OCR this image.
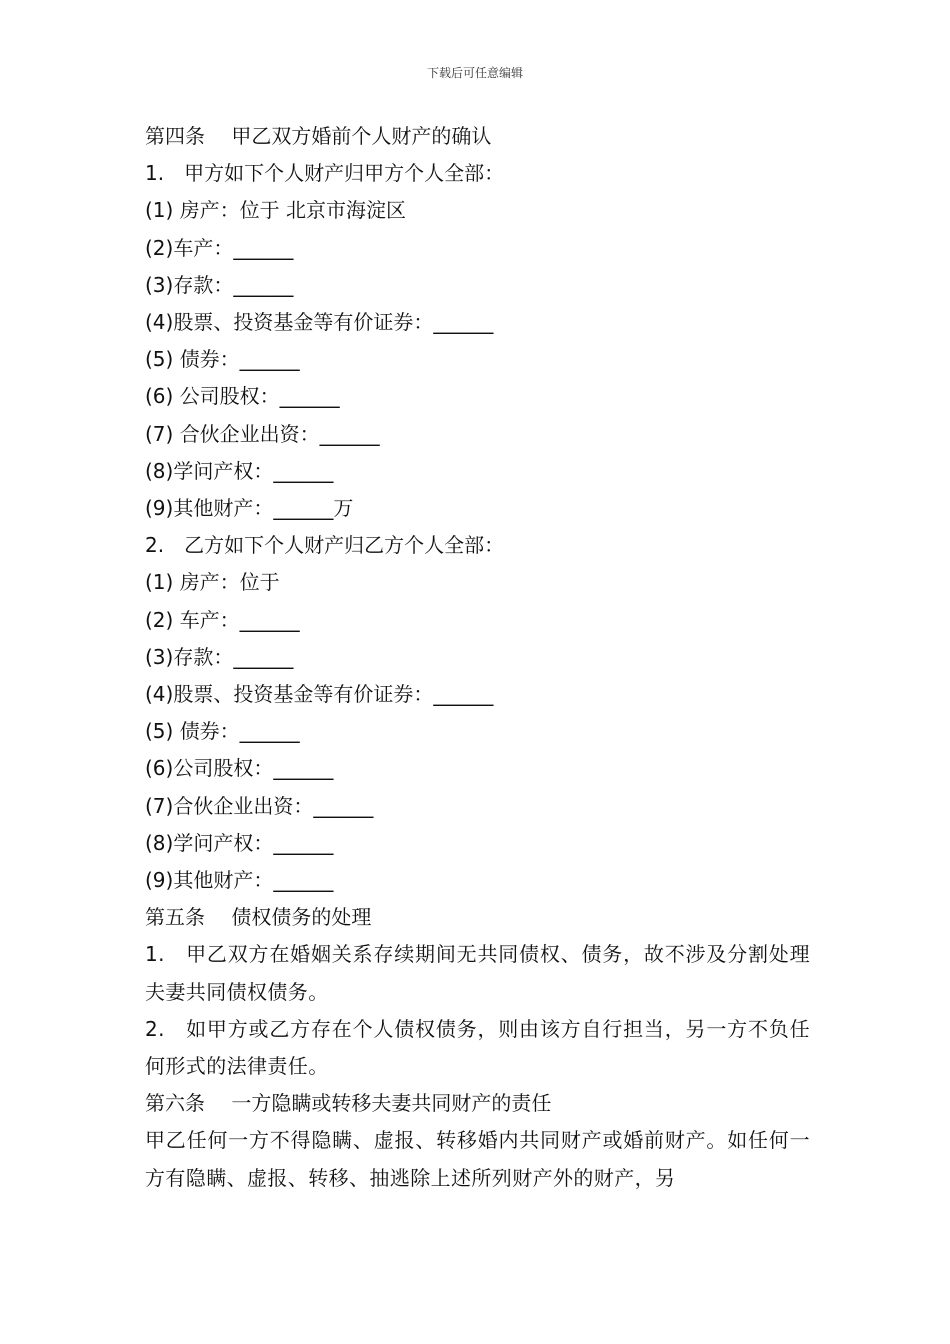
下载后可任意编辑
第四条　 甲乙双方婚前个人财产的确认
1.　甲方如下个人财产归甲方个人全部：
(1) 房产：位于 北京市海淀区
(2)车产：______
(3)存款：______
(4)股票、投资基金等有价证券：______
(5) 债券：______
(6) 公司股权：______
(7) 合伙企业出资：______
(8)学问产权：______
(9)其他财产：______万
2.　乙方如下个人财产归乙方个人全部：
(1) 房产：位于
(2) 车产：______
(3)存款：______
(4)股票、投资基金等有价证券：______
(5) 债券：______
(6)公司股权：______
(7)合伙企业出资：______
(8)学问产权：______
(9)其他财产：______
第五条　 债权债务的处理
1.　甲乙双方在婚姻关系存续期间无共同债权、债务，故不涉及分割处理夫妻共同债权债务。
2.　如甲方或乙方存在个人债权债务，则由该方自行担当，另一方不负任何形式的法律责任。
第六条　 一方隐瞒或转移夫妻共同财产的责任
甲乙任何一方不得隐瞒、虚报、转移婚内共同财产或婚前财产。如任何一方有隐瞒、虚报、转移、抽逃除上述所列财产外的财产，另
